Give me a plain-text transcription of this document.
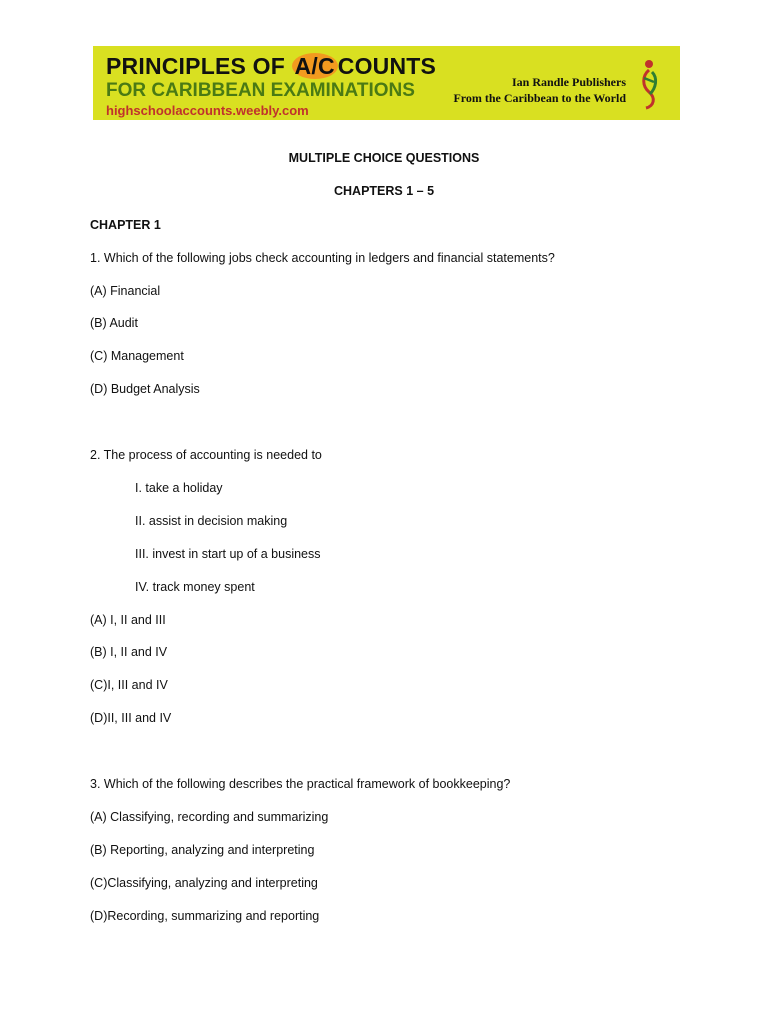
PRINCIPLES OF A/C COUNTS
FOR CARIBBEAN EXAMINATIONS
highschoolaccounts.weebly.com
Ian Randle Publishers
From the Caribbean to the World
MULTIPLE CHOICE QUESTIONS
CHAPTERS 1 – 5
CHAPTER 1
1. Which of the following jobs check accounting in ledgers and financial statements?
(A) Financial
(B) Audit
(C) Management
(D) Budget Analysis
2. The process of accounting is needed to
I. take a holiday
II. assist in decision making
III. invest in start up of a business
IV. track money spent
(A) I, II and III
(B) I, II and IV
(C)I, III and IV
(D)II, III and IV
3. Which of the following describes the practical framework of bookkeeping?
(A) Classifying, recording and summarizing
(B) Reporting, analyzing and interpreting
(C)Classifying, analyzing and interpreting
(D)Recording, summarizing and reporting
